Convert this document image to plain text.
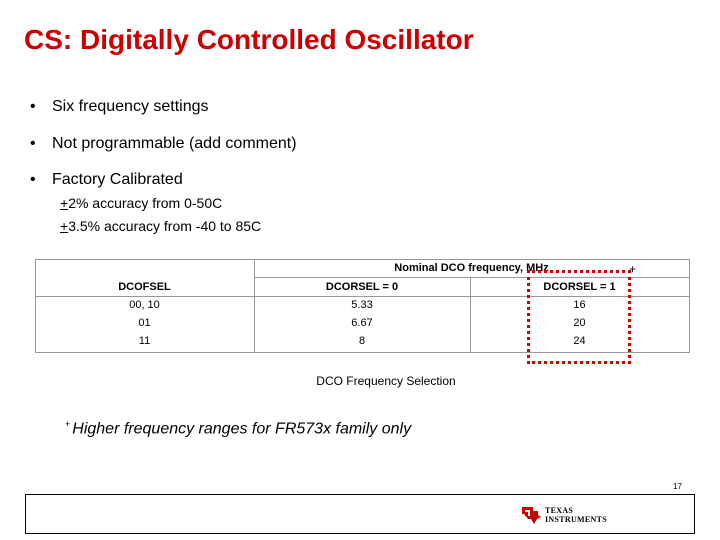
CS: Digitally Controlled Oscillator
• Six frequency settings
• Not programmable (add comment)
• Factory Calibrated
+2% accuracy from 0-50C
+3.5% accuracy from -40 to 85C
Nominal DCO frequency, MHz
DCOFSEL	DCORSEL = 0	DCORSEL = 1
00, 10	5.33	16
01	6.67	20
11	8	24
+
DCO Frequency Selection
+ Higher frequency ranges for FR573x family only
17
TEXAS
INSTRUMENTS
